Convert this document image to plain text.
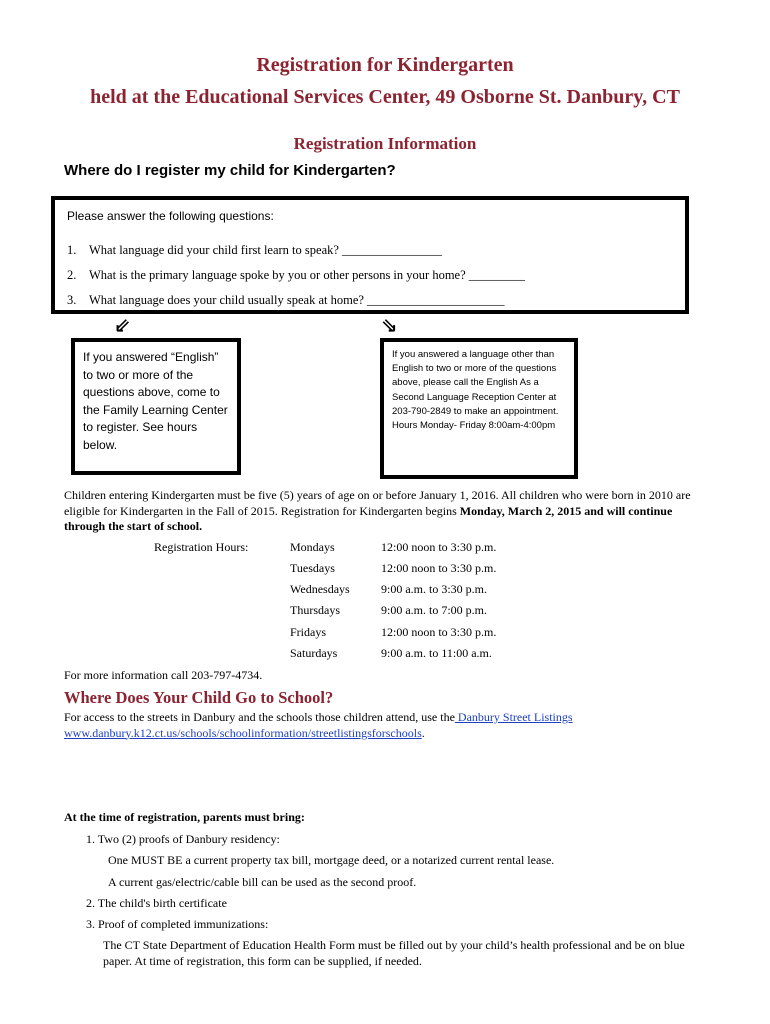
Registration for Kindergarten
held at the Educational Services Center, 49 Osborne St. Danbury, CT
Registration Information
Where do I register my child for Kindergarten?
Please answer the following questions:
1. What language did your child first learn to speak? ________________
2. What is the primary language spoke by you or other persons in your home? _________
3. What language does your child usually speak at home? ______________________
⇙	⇘
If you answered “English” to two or more of the questions above, come to the Family Learning Center to register. See hours below.
If you answered a language other than English to two or more of the questions above, please call the English As a Second Language Reception Center at 203-790-2849 to make an appointment.
Hours Monday- Friday 8:00am-4:00pm
Children entering Kindergarten must be five (5) years of age on or before January 1, 2016. All children who were born in 2010 are eligible for Kindergarten in the Fall of 2015. Registration for Kindergarten begins Monday, March 2, 2015 and will continue through the start of school.
Registration Hours:	Mondays	12:00 noon to 3:30 p.m.
Tuesdays	12:00 noon to 3:30 p.m.
Wednesdays	9:00 a.m. to 3:30 p.m.
Thursdays	9:00 a.m. to 7:00 p.m.
Fridays	12:00 noon to 3:30 p.m.
Saturdays	9:00 a.m. to 11:00 a.m.
For more information call 203-797-4734.
Where Does Your Child Go to School?
For access to the streets in Danbury and the schools those children attend, use the Danbury Street Listings
www.danbury.k12.ct.us/schools/schoolinformation/streetlistingsforschools.
At the time of registration, parents must bring:
1. Two (2) proofs of Danbury residency:
One MUST BE a current property tax bill, mortgage deed, or a notarized current rental lease.
A current gas/electric/cable bill can be used as the second proof.
2. The child's birth certificate
3. Proof of completed immunizations:
The CT State Department of Education Health Form must be filled out by your child’s health professional and be on blue paper. At time of registration, this form can be supplied, if needed.
